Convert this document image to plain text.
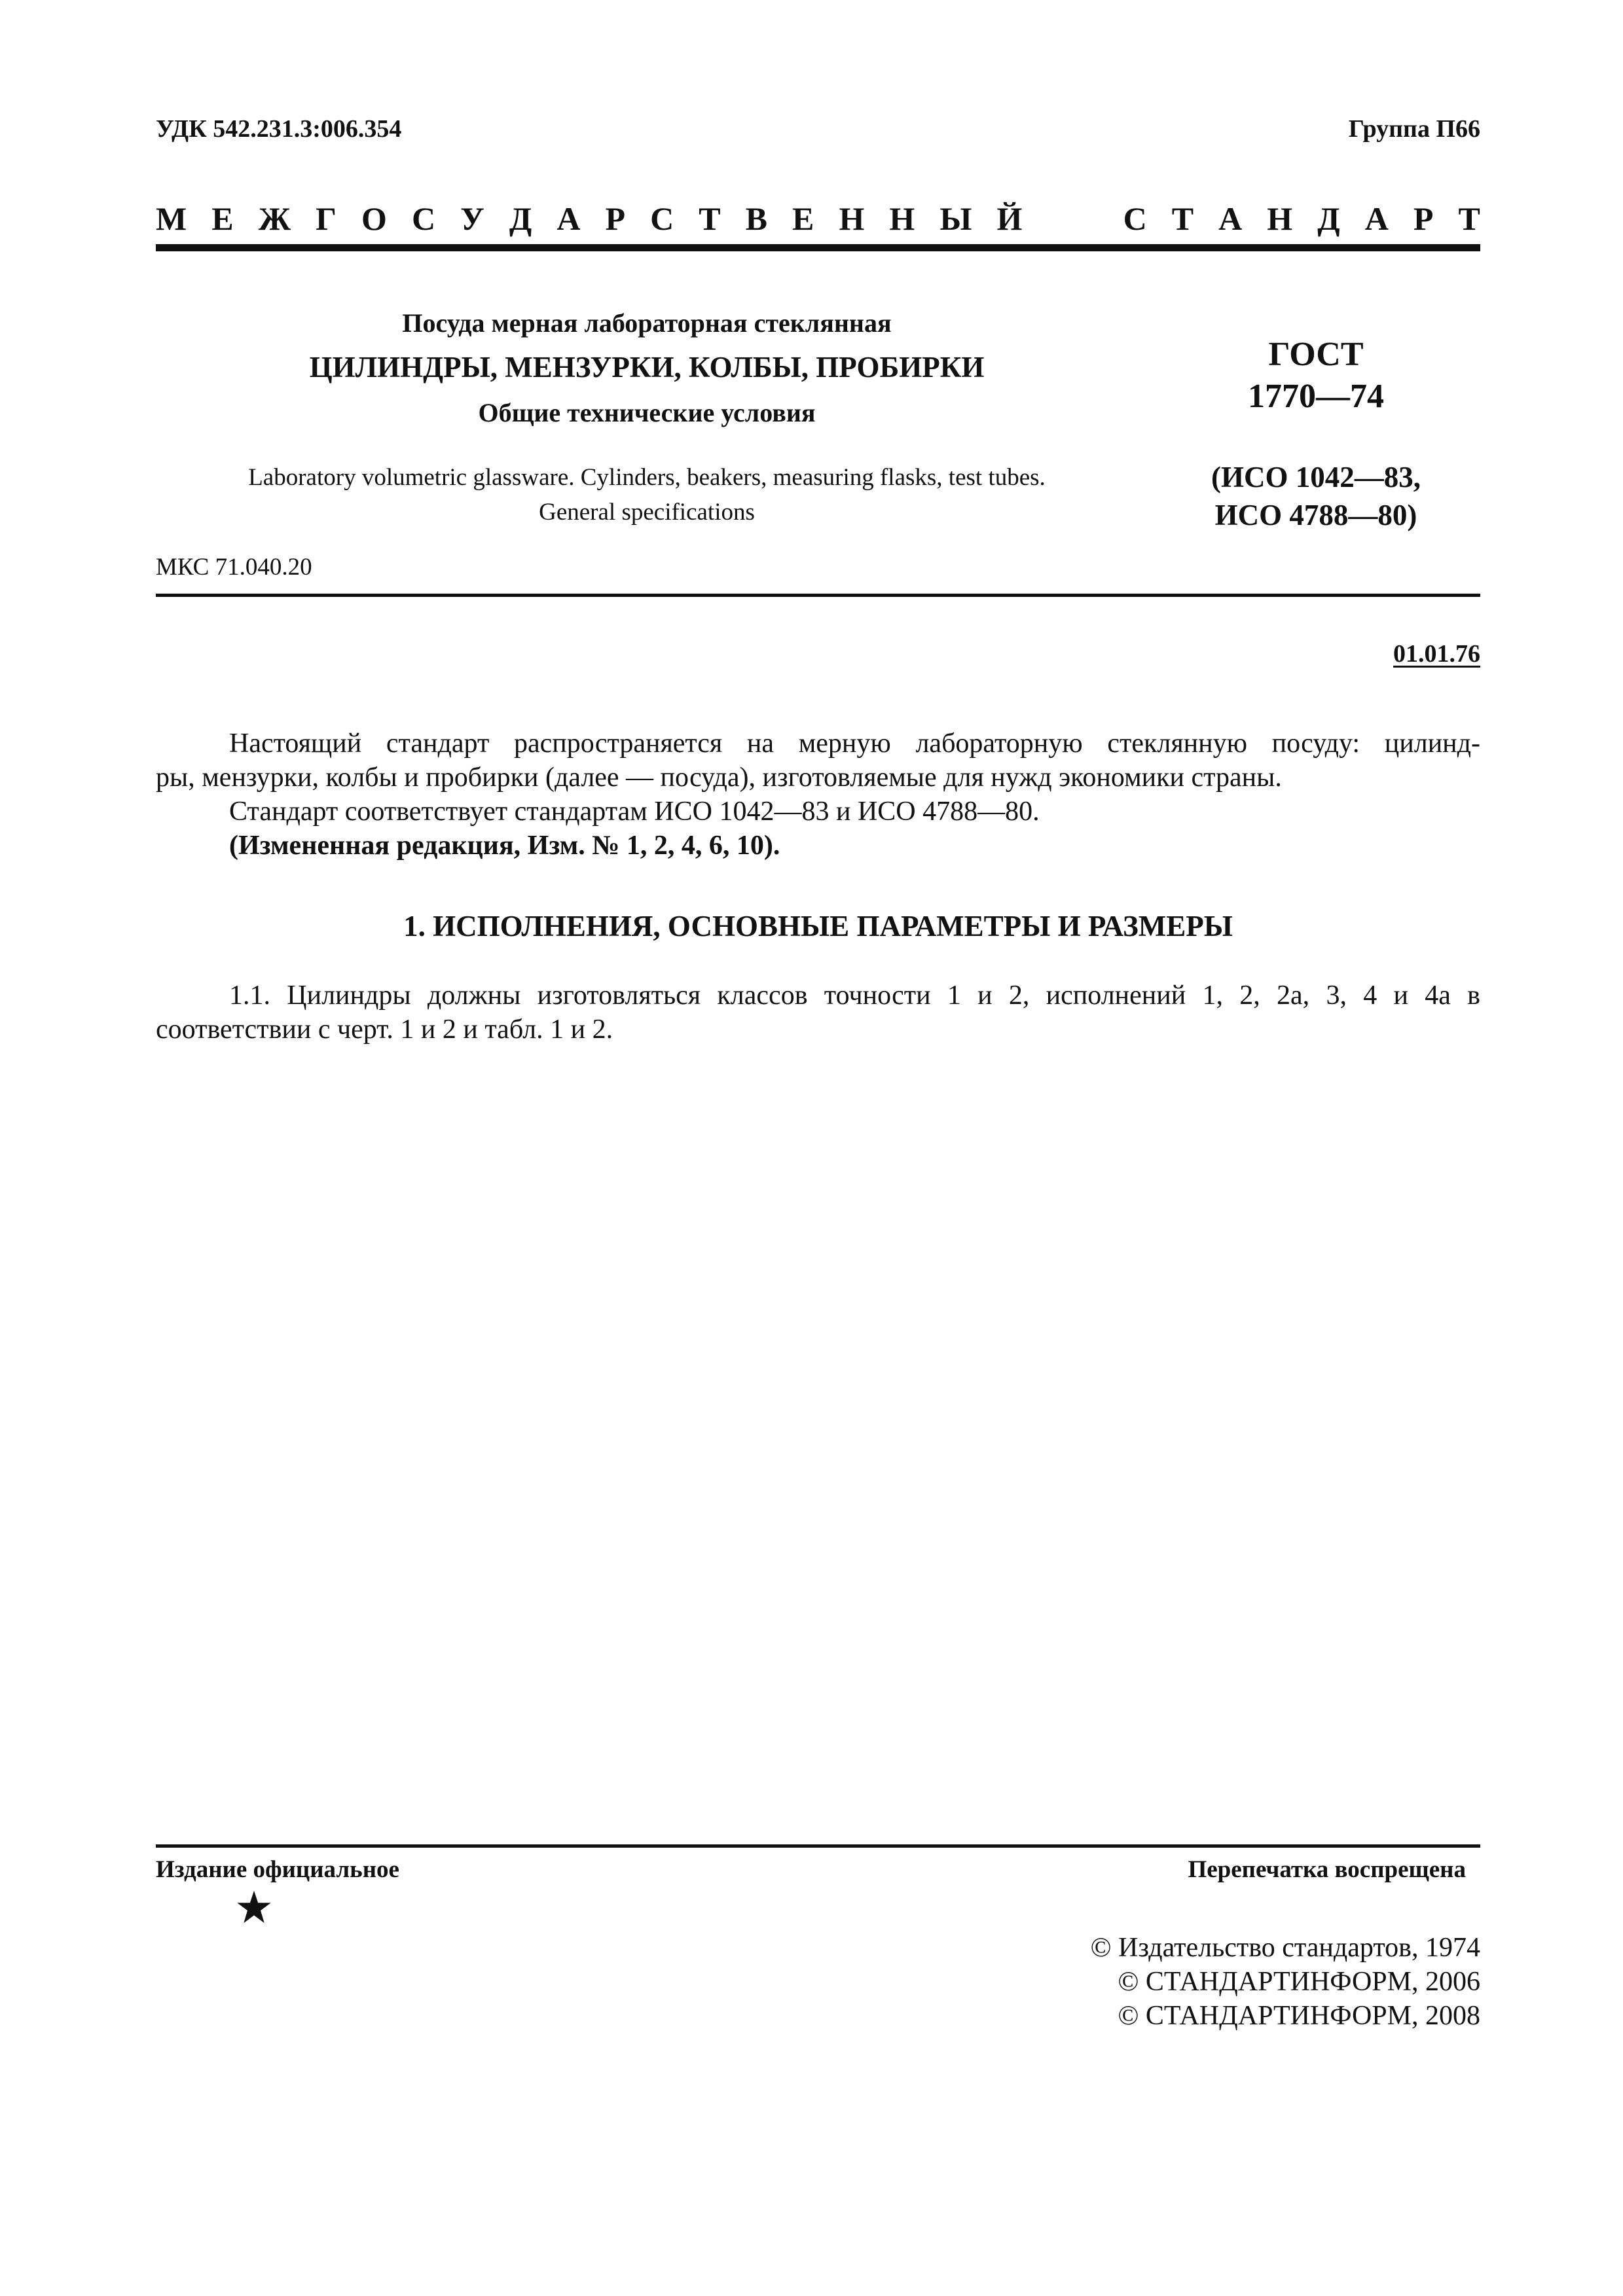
УДК 542.231.3:006.354	Группа П66
М Е Ж Г О С У Д А Р С Т В Е Н Н Ы Й	С Т А Н Д А Р Т
Посуда мерная лабораторная стеклянная
ЦИЛИНДРЫ, МЕНЗУРКИ, КОЛБЫ, ПРОБИРКИ
Общие технические условия
Laboratory volumetric glassware. Cylinders, beakers, measuring flasks, test tubes.
General specifications
ГОСТ
1770—74
(ИСО 1042—83,
ИСО 4788—80)
МКС 71.040.20
01.01.76
Настоящий стандарт распространяется на мерную лабораторную стеклянную посуду: цилинд-
ры, мензурки, колбы и пробирки (далее — посуда), изготовляемые для нужд экономики страны.
Стандарт соответствует стандартам ИСО 1042—83 и ИСО 4788—80.
(Измененная редакция, Изм. № 1, 2, 4, 6, 10).
1. ИСПОЛНЕНИЯ, ОСНОВНЫЕ ПАРАМЕТРЫ И РАЗМЕРЫ
1.1. Цилиндры должны изготовляться классов точности 1 и 2, исполнений 1, 2, 2а, 3, 4 и 4а в
соответствии с черт. 1 и 2 и табл. 1 и 2.
Издание официальное	Перепечатка воспрещена
© Издательство стандартов, 1974
© СТАНДАРТИНФОРМ, 2006
© СТАНДАРТИНФОРМ, 2008
